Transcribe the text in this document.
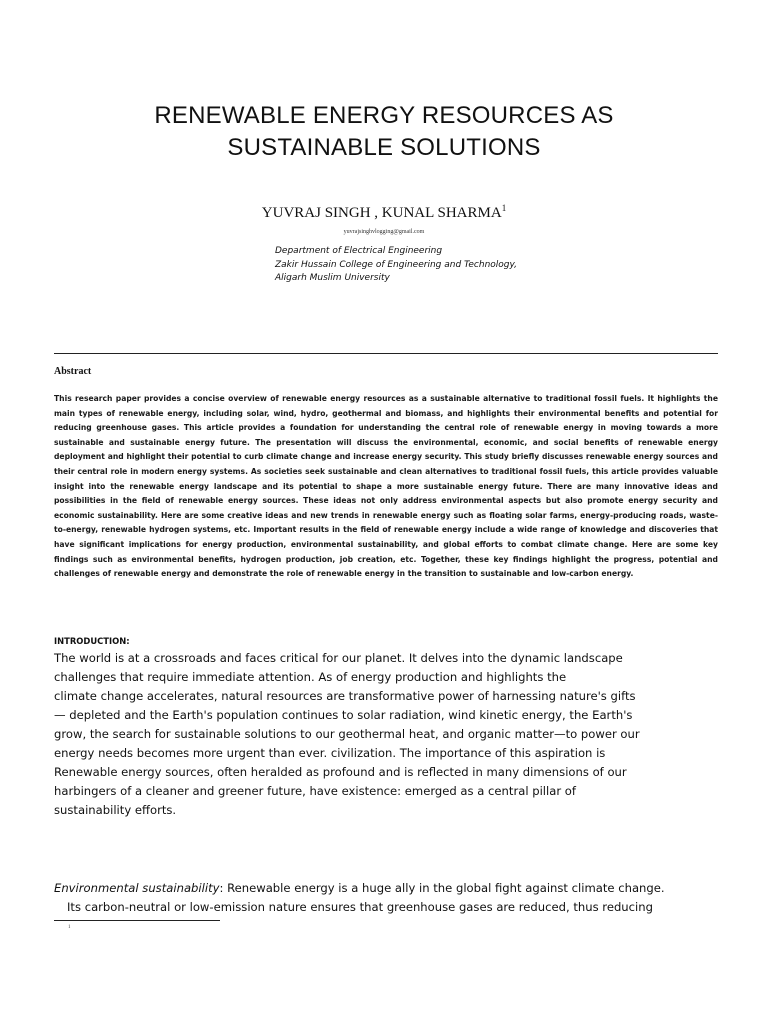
RENEWABLE ENERGY RESOURCES AS
SUSTAINABLE SOLUTIONS
YUVRAJ SINGH , KUNAL SHARMA$^1$
yuvrajsinghvlogging@gmail.com
Department of Electrical Engineering
Zakir Hussain College of Engineering and Technology,
Aligarh Muslim University
Abstract
This research paper provides a concise overview of renewable energy resources as a sustainable alternative to traditional fossil fuels. It highlights the main types of renewable energy, including solar, wind, hydro, geothermal and biomass, and highlights their environmental benefits and potential for reducing greenhouse gases. This article provides a foundation for understanding the central role of renewable energy in moving towards a more sustainable and sustainable energy future. The presentation will discuss the environmental, economic, and social benefits of renewable energy deployment and highlight their potential to curb climate change and increase energy security. This study briefly discusses renewable energy sources and their central role in modern energy systems. As societies seek sustainable and clean alternatives to traditional fossil fuels, this article provides valuable insight into the renewable energy landscape and its potential to shape a more sustainable energy future. There are many innovative ideas and possibilities in the field of renewable energy sources. These ideas not only address environmental aspects but also promote energy security and economic sustainability. Here are some creative ideas and new trends in renewable energy such as floating solar farms, energy-producing roads, waste-to-energy, renewable hydrogen systems, etc. Important results in the field of renewable energy include a wide range of knowledge and discoveries that have significant implications for energy production, environmental sustainability, and global efforts to combat climate change. Here are some key findings such as environmental benefits, hydrogen production, job creation, etc. Together, these key findings highlight the progress, potential and challenges of renewable energy and demonstrate the role of renewable energy in the transition to sustainable and low-carbon energy.
INTRODUCTION:
The world is at a crossroads and faces critical for our planet. It delves into the dynamic landscape
challenges that require immediate attention. As of energy production and highlights the
climate change accelerates, natural resources are transformative power of harnessing nature's gifts
— depleted and the Earth's population continues to solar radiation, wind kinetic energy, the Earth's
grow, the search for sustainable solutions to our geothermal heat, and organic matter—to power our
energy needs becomes more urgent than ever. civilization. The importance of this aspiration is
Renewable energy sources, often heralded as profound and is reflected in many dimensions of our
harbingers of a cleaner and greener future, have existence: emerged as a central pillar of
sustainability efforts.
Environmental sustainability: Renewable energy is a huge ally in the global fight against climate change.
Its carbon-neutral or low-emission nature ensures that greenhouse gases are reduced, thus reducing
1
